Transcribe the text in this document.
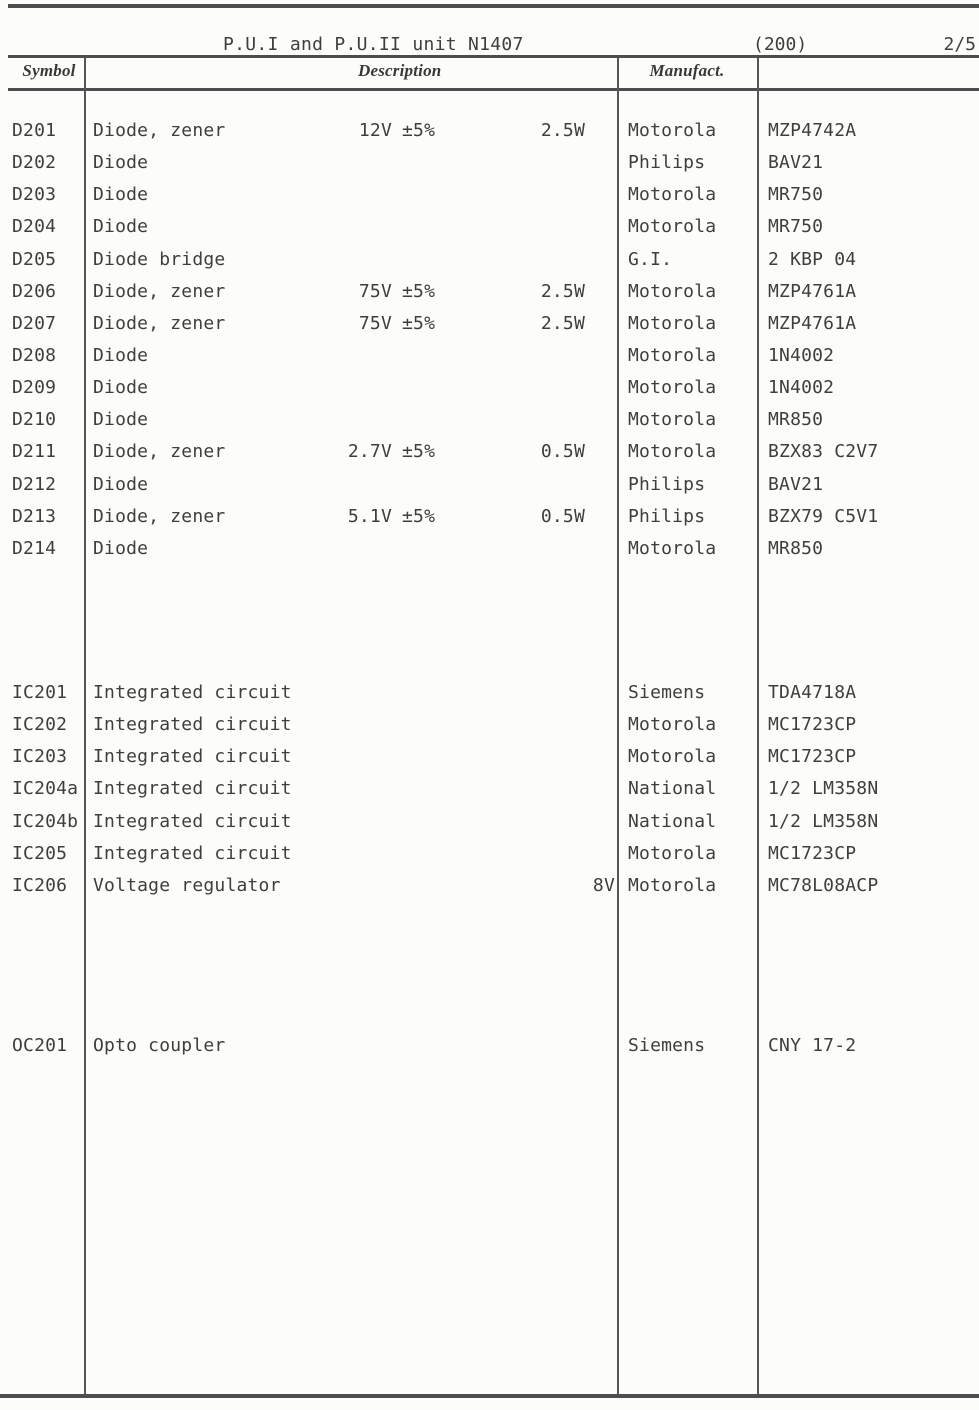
P.U.I and P.U.II unit N1407	(200)	2/5
Symbol	Description	Manufact.
D201 Diode, zener	12V ±5%	2.5W Motorola	MZP4742A
D202 Diode	Philips	BAV21
D203 Diode	Motorola	MR750
D204 Diode	Motorola	MR750
D205 Diode bridge	G.I.	2 KBP 04
D206 Diode, zener	75V ±5%	2.5W Motorola	MZP4761A
D207 Diode, zener	75V ±5%	2.5W Motorola	MZP4761A
D208 Diode	Motorola	1N4002
D209 Diode	Motorola	1N4002
D210 Diode	Motorola	MR850
D211 Diode, zener	2.7V ±5%	0.5W Motorola	BZX83 C2V7
D212 Diode	Philips	BAV21
D213 Diode, zener	5.1V ±5%	0.5W Philips	BZX79 C5V1
D214 Diode	Motorola	MR850
IC201 Integrated circuit	Siemens	TDA4718A
IC202 Integrated circuit	Motorola	MC1723CP
IC203 Integrated circuit	Motorola	MC1723CP
IC204a Integrated circuit	National	1/2 LM358N
IC204b Integrated circuit	National	1/2 LM358N
IC205 Integrated circuit	Motorola	MC1723CP
IC206 Voltage regulator	8V Motorola	MC78L08ACP
OC201 Opto coupler	Siemens	CNY 17-2
